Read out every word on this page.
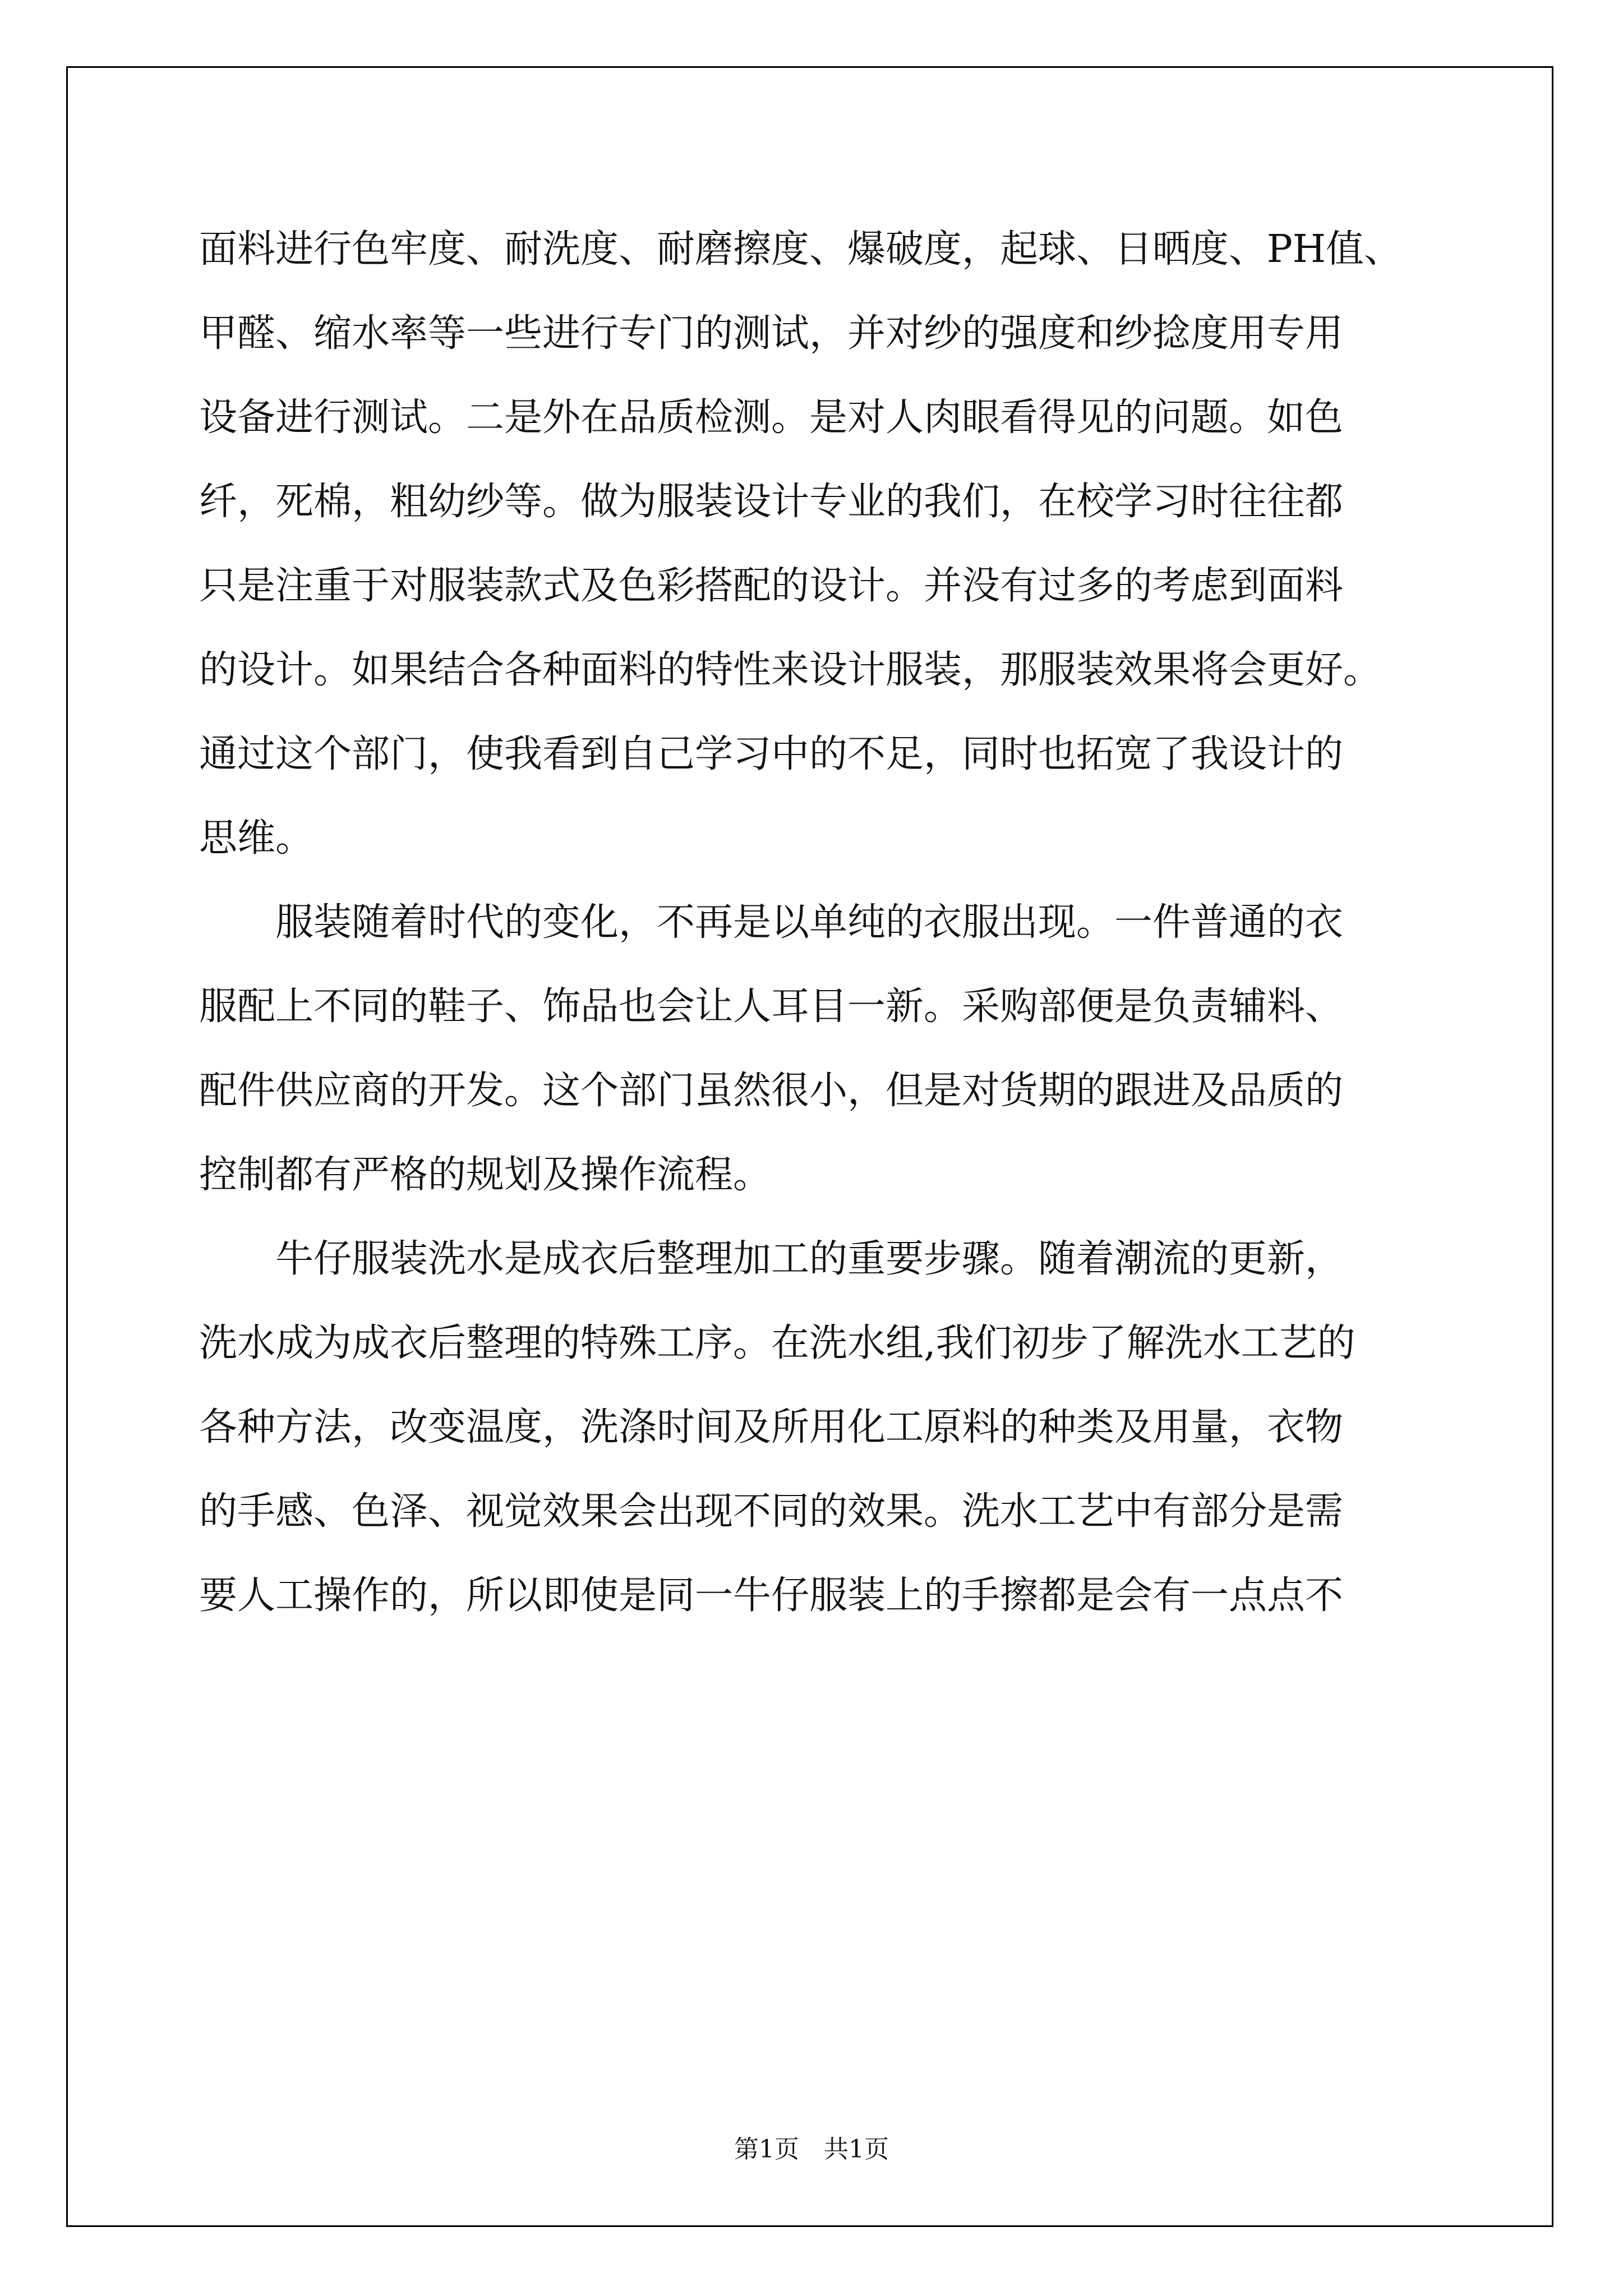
面料进行色牢度、耐洗度、耐磨擦度、爆破度，起球、日晒度、PH值、
甲醛、缩水率等一些进行专门的测试，并对纱的强度和纱捻度用专用
设备进行测试。二是外在品质检测。是对人肉眼看得见的问题。如色
纤，死棉，粗幼纱等。做为服装设计专业的我们，在校学习时往往都
只是注重于对服装款式及色彩搭配的设计。并没有过多的考虑到面料
的设计。如果结合各种面料的特性来设计服装，那服装效果将会更好。
通过这个部门，使我看到自己学习中的不足，同时也拓宽了我设计的
思维。
　　服装随着时代的变化，不再是以单纯的衣服出现。一件普通的衣
服配上不同的鞋子、饰品也会让人耳目一新。采购部便是负责辅料、
配件供应商的开发。这个部门虽然很小，但是对货期的跟进及品质的
控制都有严格的规划及操作流程。
　　牛仔服装洗水是成衣后整理加工的重要步骤。随着潮流的更新，
洗水成为成衣后整理的特殊工序。在洗水组,我们初步了解洗水工艺的
各种方法，改变温度，洗涤时间及所用化工原料的种类及用量，衣物
的手感、色泽、视觉效果会出现不同的效果。洗水工艺中有部分是需
要人工操作的，所以即使是同一牛仔服装上的手擦都是会有一点点不
第1页　共1页
